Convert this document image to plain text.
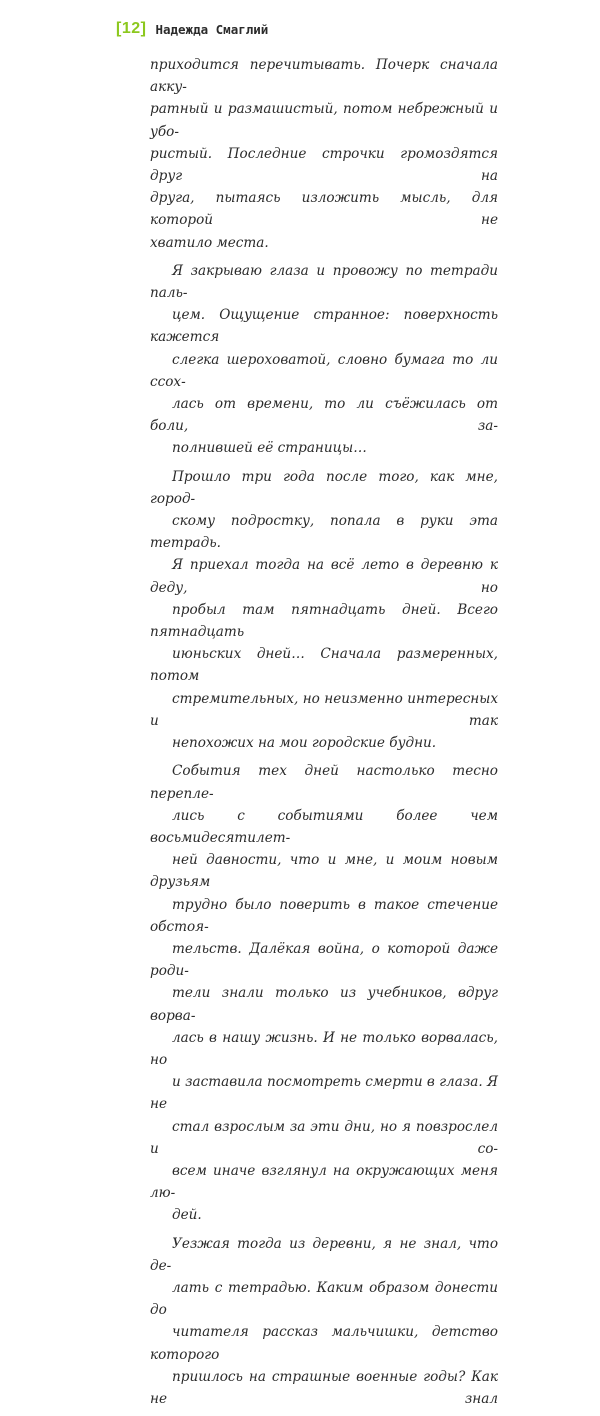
[12] Надежда Смаглий

приходится перечитывать. Почерк сначала акку-
ратный и размашистый, потом небрежный и убо-
ристый. Последние строчки громоздятся друг на
друга, пытаясь изложить мысль, для которой не
хватило места.

Я закрываю глаза и провожу по тетради паль-
цем. Ощущение странное: поверхность кажется
слегка шероховатой, словно бумага то ли ссох-
лась от времени, то ли съёжилась от боли, за-
полнившей её страницы…

Прошло три года после того, как мне, город-
скому подростку, попала в руки эта тетрадь.
Я приехал тогда на всё лето в деревню к деду, но
пробыл там пятнадцать дней. Всего пятнадцать
июньских дней… Сначала размеренных, потом
стремительных, но неизменно интересных и так
непохожих на мои городские будни.

События тех дней настолько тесно перепле-
лись с событиями более чем восьмидесятилет-
ней давности, что и мне, и моим новым друзьям
трудно было поверить в такое стечение обстоя-
тельств. Далёкая война, о которой даже роди-
тели знали только из учебников, вдруг ворва-
лась в нашу жизнь. И не только ворвалась, но
и заставила посмотреть смерти в глаза. Я не
стал взрослым за эти дни, но я повзрослел и со-
всем иначе взглянул на окружающих меня лю-
дей.

Уезжая тогда из деревни, я не знал, что де-
лать с тетрадью. Каким образом донести до
читателя рассказ мальчишки, детство которого
пришлось на страшные военные годы? Как не знал
